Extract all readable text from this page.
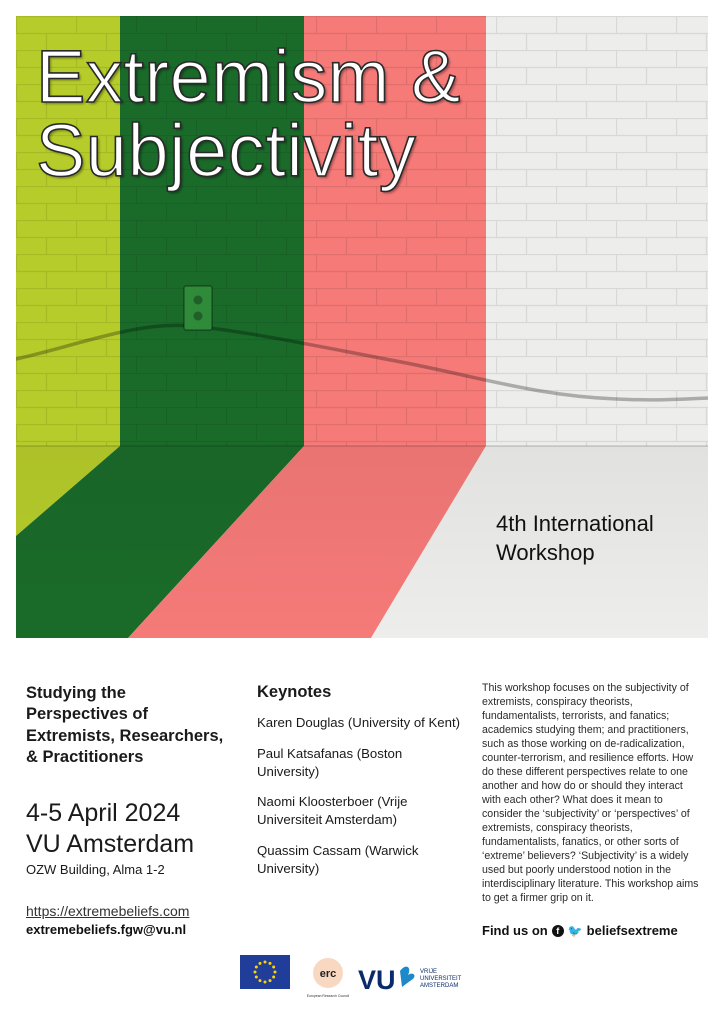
Extremism &
Subjectivity
4th International
Workshop

Studying the
Perspectives of
Extremists, Researchers,
& Practitioners

4-5 April 2024
VU Amsterdam
OZW Building, Alma 1-2
https://extremebeliefs.com
extremebeliefs.fgw@vu.nl
Keynotes

Karen Douglas (University of Kent)

Paul Katsafanas (Boston University)

Naomi Kloosterboer (Vrije Universiteit Amsterdam)

Quassim Cassam (Warwick University)

This workshop focuses on the subjectivity of extremists, conspiracy theorists, fundamentalists, terrorists, and fanatics; academics studying them; and practitioners, such as those working on de-radicalization, counter-terrorism, and resilience efforts. How do these different perspectives relate to one another and how do or should they interact with each other? What does it mean to consider the ‘subjectivity’ or ‘perspectives’ of extremists, conspiracy theorists, fundamentalists, fanatics, or other sorts of ‘extreme’ believers? ‘Subjectivity’ is a widely used but poorly understood notion in the interdisciplinary literature. This workshop aims to get a firmer grip on it.

Find us on f 🐦 beliefsextreme
erc
European Research Council
VU	VRIJE
UNIVERSITEIT
AMSTERDAM
